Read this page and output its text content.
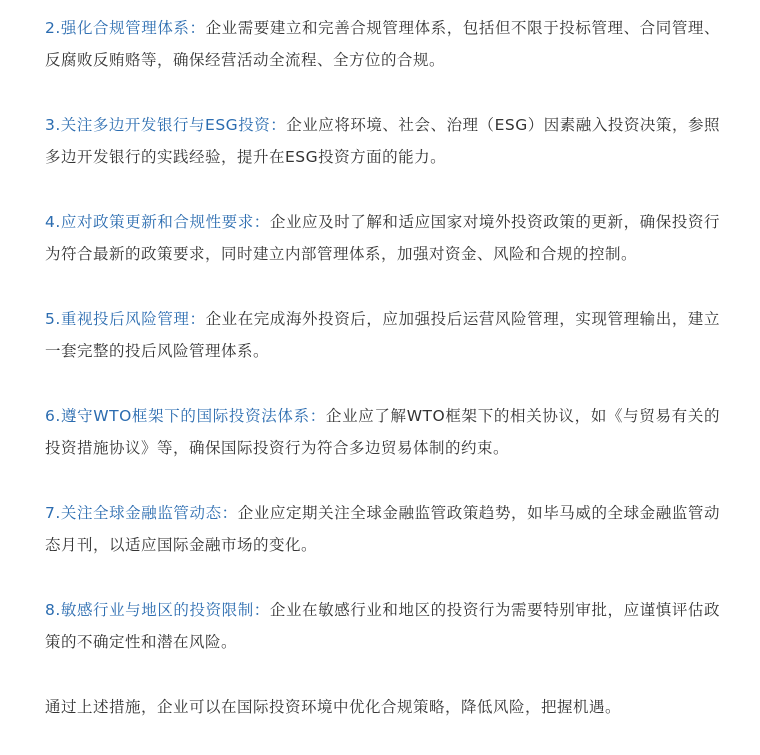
2.强化合规管理体系：企业需要建立和完善合规管理体系，包括但不限于投标管理、合同管理、反腐败反贿赂等，确保经营活动全流程、全方位的合规。

3.关注多边开发银行与ESG投资：企业应将环境、社会、治理（ESG）因素融入投资决策，参照多边开发银行的实践经验，提升在ESG投资方面的能力。

4.应对政策更新和合规性要求：企业应及时了解和适应国家对境外投资政策的更新，确保投资行为符合最新的政策要求，同时建立内部管理体系，加强对资金、风险和合规的控制。

5.重视投后风险管理：企业在完成海外投资后，应加强投后运营风险管理，实现管理输出，建立一套完整的投后风险管理体系。

6.遵守WTO框架下的国际投资法体系：企业应了解WTO框架下的相关协议，如《与贸易有关的投资措施协议》等，确保国际投资行为符合多边贸易体制的约束。

7.关注全球金融监管动态：企业应定期关注全球金融监管政策趋势，如毕马威的全球金融监管动态月刊，以适应国际金融市场的变化。

8.敏感行业与地区的投资限制：企业在敏感行业和地区的投资行为需要特别审批，应谨慎评估政策的不确定性和潜在风险。

通过上述措施，企业可以在国际投资环境中优化合规策略，降低风险，把握机遇。
